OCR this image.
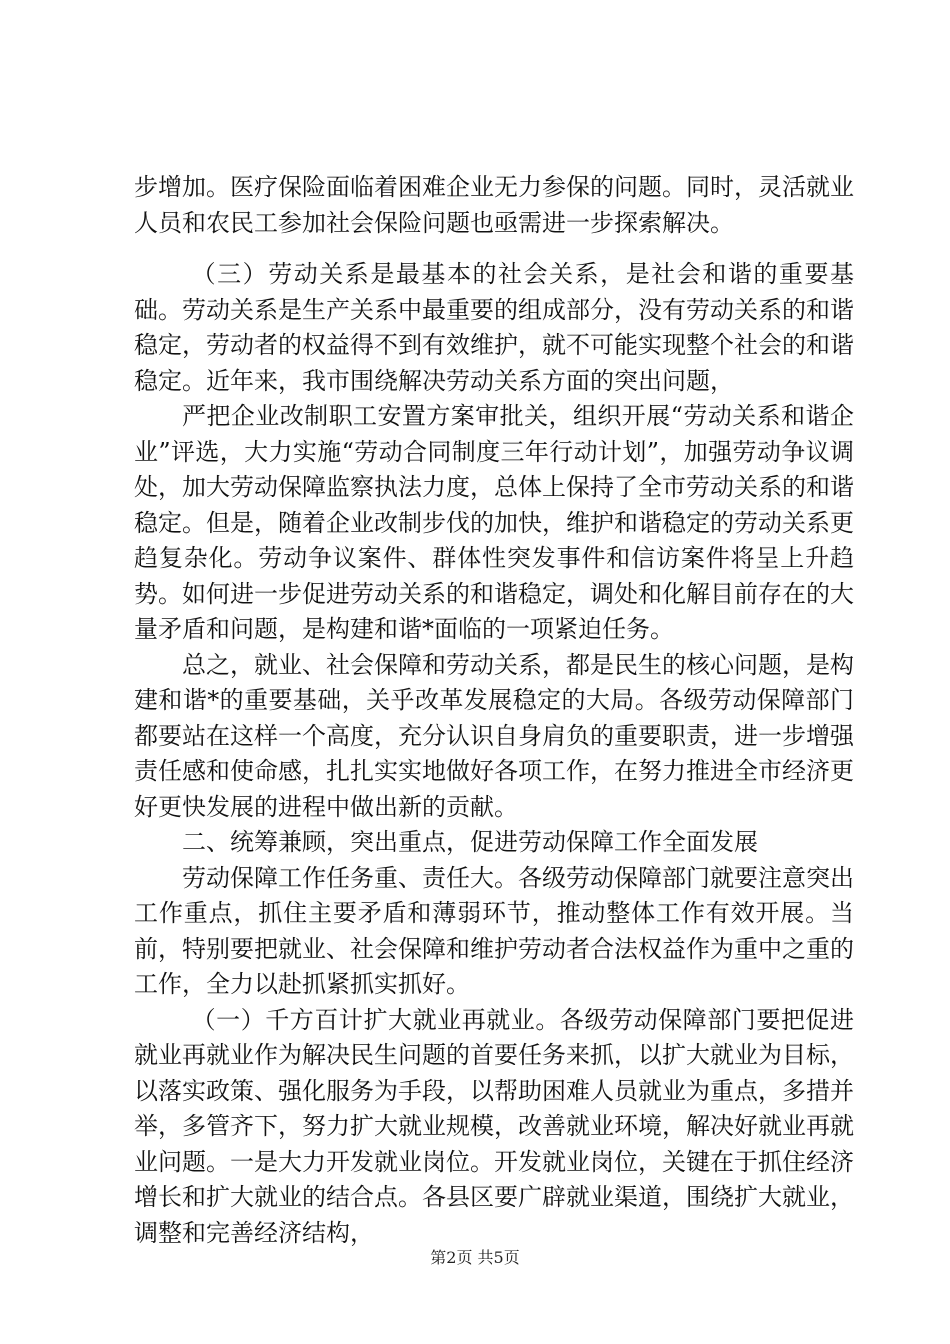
步增加。医疗保险面临着困难企业无力参保的问题。同时，灵活就业人员和农民工参加社会保险问题也亟需进一步探索解决。

（三）劳动关系是最基本的社会关系，是社会和谐的重要基础。劳动关系是生产关系中最重要的组成部分，没有劳动关系的和谐稳定，劳动者的权益得不到有效维护，就不可能实现整个社会的和谐稳定。近年来，我市围绕解决劳动关系方面的突出问题，

严把企业改制职工安置方案审批关，组织开展“劳动关系和谐企业”评选，大力实施“劳动合同制度三年行动计划”，加强劳动争议调处，加大劳动保障监察执法力度，总体上保持了全市劳动关系的和谐稳定。但是，随着企业改制步伐的加快，维护和谐稳定的劳动关系更趋复杂化。劳动争议案件、群体性突发事件和信访案件将呈上升趋势。如何进一步促进劳动关系的和谐稳定，调处和化解目前存在的大量矛盾和问题，是构建和谐*面临的一项紧迫任务。

总之，就业、社会保障和劳动关系，都是民生的核心问题，是构建和谐*的重要基础，关乎改革发展稳定的大局。各级劳动保障部门都要站在这样一个高度，充分认识自身肩负的重要职责，进一步增强责任感和使命感，扎扎实实地做好各项工作，在努力推进全市经济更好更快发展的进程中做出新的贡献。

二、统筹兼顾，突出重点，促进劳动保障工作全面发展

劳动保障工作任务重、责任大。各级劳动保障部门就要注意突出工作重点，抓住主要矛盾和薄弱环节，推动整体工作有效开展。当前，特别要把就业、社会保障和维护劳动者合法权益作为重中之重的工作，全力以赴抓紧抓实抓好。

（一）千方百计扩大就业再就业。各级劳动保障部门要把促进就业再就业作为解决民生问题的首要任务来抓，以扩大就业为目标，以落实政策、强化服务为手段，以帮助困难人员就业为重点，多措并举，多管齐下，努力扩大就业规模，改善就业环境，解决好就业再就业问题。一是大力开发就业岗位。开发就业岗位，关键在于抓住经济增长和扩大就业的结合点。各县区要广辟就业渠道，围绕扩大就业，调整和完善经济结构，

第2页 共5页
